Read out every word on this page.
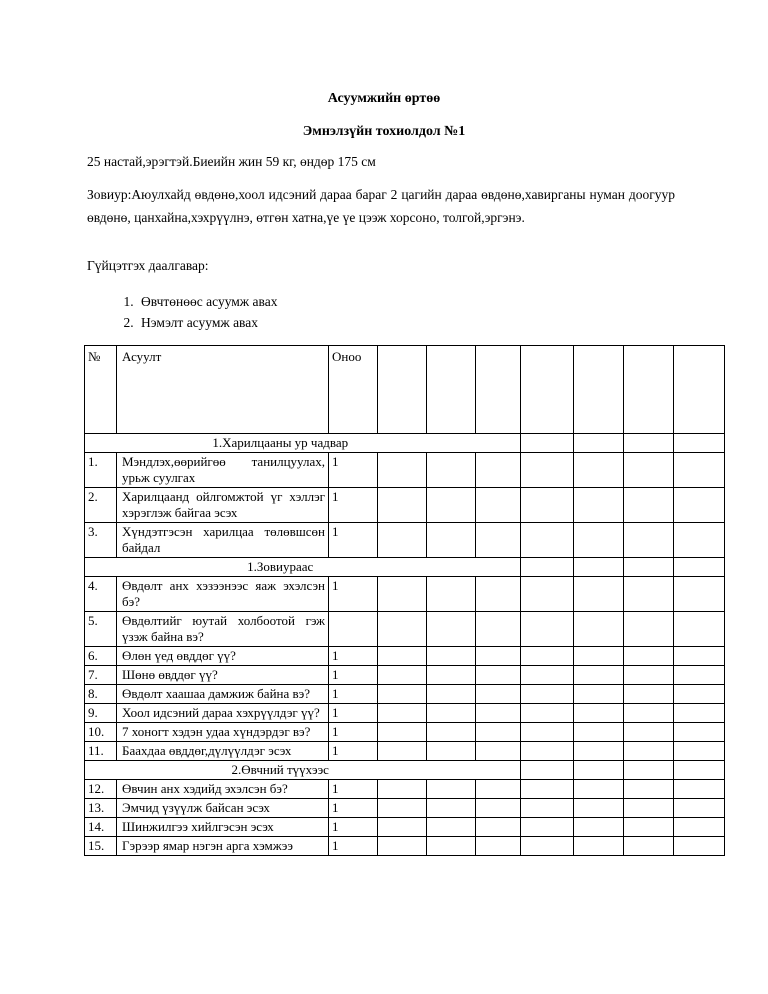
Асуумжийн өртөө
Эмнэлзүйн тохиолдол №1
25 настай,эрэгтэй.Биеийн жин 59 кг, өндөр 175 см
Зовиур:Аюулхайд өвдөнө,хоол идсэний дараа бараг 2 цагийн дараа өвдөнө,хавирганы нуман доогуур өвдөнө, цанхайна,хэхрүүлнэ, өтгөн хатна,үе үе цээж хорсоно, толгой,эргэнэ.
Гүйцэтгэх даалгавар:
1. Өвчтөнөөс асуумж авах
2. Нэмэлт асуумж авах
№	Асуулт	Оноо							
1.Харилцааны ур чадвар									
1.	Мэндлэх,өөрийгөө танилцуулах, урьж суулгах	1							
2.	Харилцаанд ойлгомжтой үг хэллэг хэрэглэж байгаа эсэх	1							
3.	Хүндэтгэсэн харилцаа төлөвшсөн байдал	1							
1.Зовиураас									
4.	Өвдөлт анх хэзээнээс яаж эхэлсэн бэ?	1							
5.	Өвдөлтийг юутай холбоотой гэж үзэж байна вэ?								
6.	Өлөн үед өвддөг үү?	1							
7.	Шөнө өвддөг үү?	1							
8.	Өвдөлт хаашаа дамжиж байна вэ?	1							
9.	Хоол идсэний дараа хэхрүүлдэг үү?	1							
10.	7 хоногт хэдэн удаа хүндэрдэг вэ?	1							
11.	Баахдаа өвддөг,дүлүүлдэг эсэх	1							
2.Өвчний түүхээс									
12.	Өвчин анх хэдийд эхэлсэн бэ?	1							
13.	Эмчид үзүүлж байсан эсэх	1							
14.	Шинжилгээ хийлгэсэн эсэх	1							
15.	Гэрээр ямар нэгэн арга хэмжээ	1							
